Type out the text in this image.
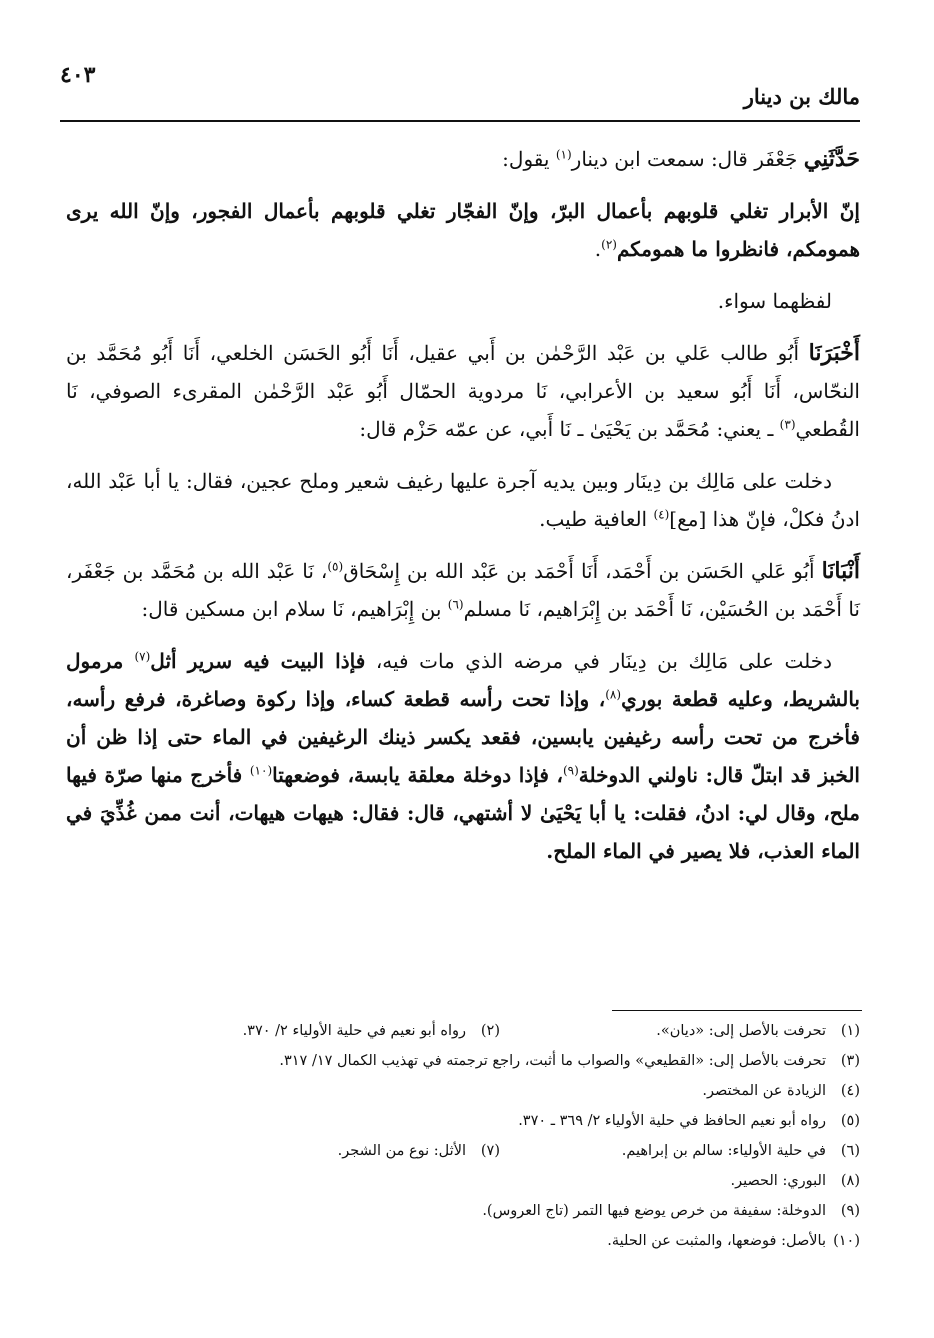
مالك بن دينار
٤٠٣

حَدَّثَنِي جَعْفَر قال: سمعت ابن دينار$^{(١)}$ يقول:

إنّ الأبرار تغلي قلوبهم بأعمال البرّ، وإنّ الفجّار تغلي قلوبهم بأعمال الفجور، وإنّ الله يرى همومكم، فانظروا ما همومكم$^{(٢)}$.

لفظهما سواء.

أَخْبَرَنَا أَبُو طالب عَلي بن عَبْد الرَّحْمٰن بن أَبي عقيل، أَنَا أَبُو الحَسَن الخلعي، أَنَا أَبُو مُحَمَّد بن النحّاس، أَنَا أَبُو سعيد بن الأعرابي، نَا مردوية الحمّال أَبُو عَبْد الرَّحْمٰن المقرىء الصوفي، نَا القُطعي$^{(٣)}$ ـ يعني: مُحَمَّد بن يَحْيَىٰ ـ نَا أَبي، عن عمّه حَزْم قال:

دخلت على مَالِك بن دِينَار وبين يديه آجرة عليها رغيف شعير وملح عجين، فقال: يا أبا عَبْد الله، ادنُ فكلْ، فإنّ هذا [مع]$^{(٤)}$ العافية طيب.

أَنْبَانَا أَبُو عَلي الحَسَن بن أَحْمَد، أَنَا أَحْمَد بن عَبْد الله بن إِسْحَاق$^{(٥)}$، نَا عَبْد الله بن مُحَمَّد بن جَعْفَر، نَا أَحْمَد بن الحُسَيْن، نَا أَحْمَد بن إِبْرَاهيم، نَا مسلم$^{(٦)}$ بن إِبْرَاهيم، نَا سلام ابن مسكين قال:

دخلت على مَالِك بن دِينَار في مرضه الذي مات فيه، فإذا البيت فيه سرير أثل$^{(٧)}$ مرمول بالشريط، وعليه قطعة بوري$^{(٨)}$، وإذا تحت رأسه قطعة كساء، وإذا ركوة وصاغرة، فرفع رأسه، فأخرج من تحت رأسه رغيفين يابسين، فقعد يكسر ذينك الرغيفين في الماء حتى إذا ظن أن الخبز قد ابتلّ قال: ناولني الدوخلة$^{(٩)}$، فإذا دوخلة معلقة يابسة، فوضعهتا$^{(١٠)}$ فأخرج منها صرّة فيها ملح، وقال لي: ادنُ، فقلت: يا أبا يَحْيَىٰ لا أشتهي، قال: فقال: هيهات هيهات، أنت ممن غُذِّيَ في الماء العذب، فلا يصير في الماء الملح.

(١)تحرفت بالأصل إلى: «ديان».
(٢)رواه أبو نعيم في حلية الأولياء ٢/ ٣٧٠.
(٣)تحرفت بالأصل إلى: «القطيعي» والصواب ما أثبت، راجع ترجمته في تهذيب الكمال ١٧/ ٣١٧.
(٤)الزيادة عن المختصر.
(٥)رواه أبو نعيم الحافظ في حلية الأولياء ٢/ ٣٦٩ ـ ٣٧٠.
(٦)في حلية الأولياء: سالم بن إبراهيم.
(٧)الأثل: نوع من الشجر.
(٨)البوري: الحصير.
(٩)الدوخلة: سفيفة من خرص يوضع فيها التمر (تاج العروس).
(١٠)بالأصل: فوضعها، والمثبت عن الحلية.
